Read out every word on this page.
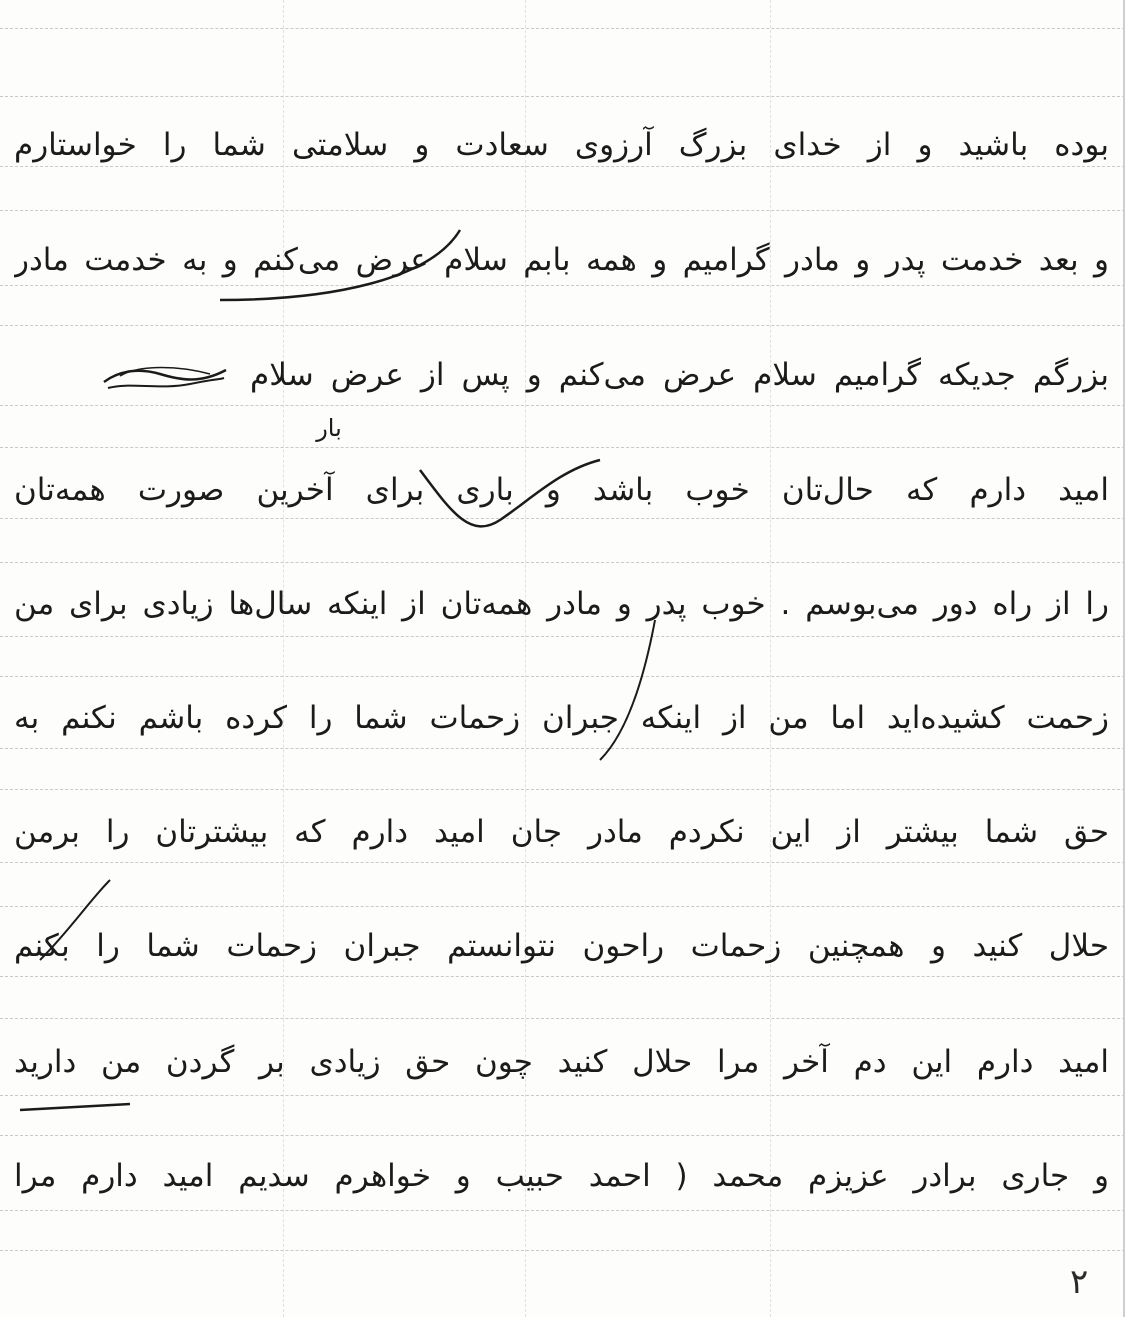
بوده باشید و از خدای بزرگ آرزوی سعادت و سلامتی شما را خواستارم
و بعد خدمت پدر و مادر گرامیم و همه بابم سلام عرض می‌کنم و به خدمت مادر
بزرگم جدیکه گرامیم سلام عرض می‌کنم و پس از عرض سلام
بار
امید دارم که حال‌تان خوب باشد و باری برای آخرین صورت همه‌تان
را از راه دور می‌بوسم . خوب پدر و مادر همه‌تان از اینکه سال‌ها زیادی برای من
زحمت کشیده‌اید اما من از اینکه جبران زحمات شما را کرده باشم نکنم به
حق شما بیشتر از این نکردم مادر جان امید دارم که بیشترتان را برمن
حلال کنید و همچنین زحمات راحون نتوانستم جبران زحمات شما را بکنم
امید دارم این دم آخر مرا حلال کنید چون حق زیادی بر گردن من دارید
و جاری برادر عزیزم محمد ( احمد حبیب و خواهرم سدیم امید دارم مرا
۲
